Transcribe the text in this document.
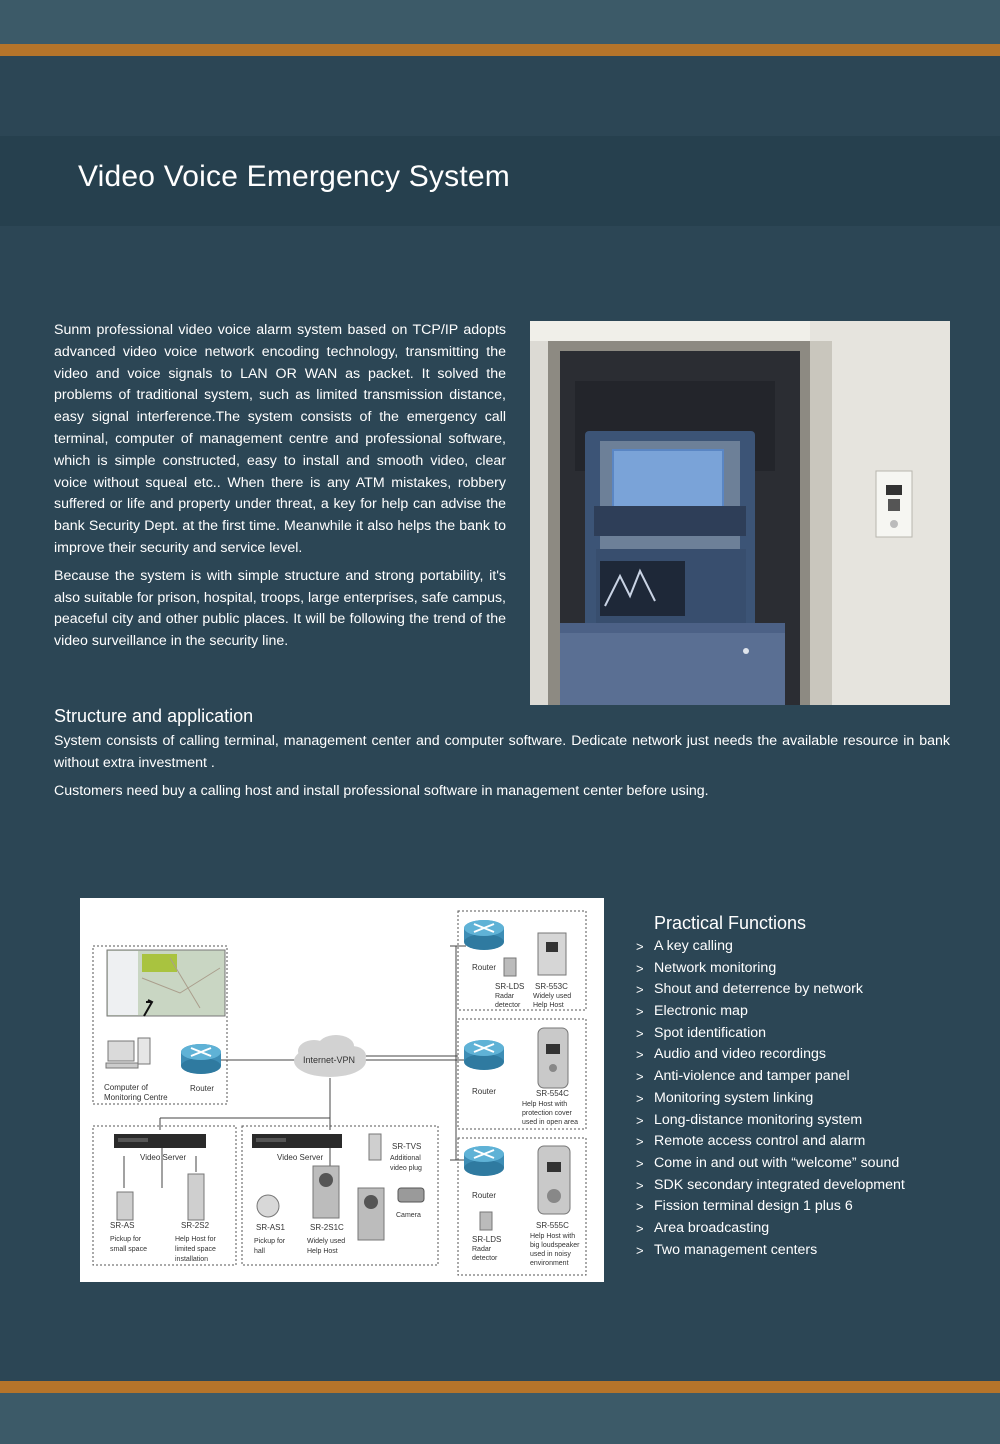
Video Voice Emergency System

Sunm professional video voice alarm system based on TCP/IP adopts advanced video voice network encoding technology, transmitting the video and voice signals to LAN OR WAN as packet. It solved the problems of traditional system, such as limited transmission distance, easy signal interference.The system consists of the emergency call terminal, computer of management centre and professional software, which is simple constructed, easy to install and smooth video, clear voice without squeal etc.. When there is any ATM mistakes, robbery suffered or life and property under threat, a key for help can advise the bank Security Dept. at the first time. Meanwhile it also helps the bank to improve their security and service level.

Because the system is with simple structure and strong portability, it's also suitable for prison, hospital, troops, large enterprises, safe campus, peaceful city and other public places. It will be following the trend of the video surveillance in the security line.

Structure and application

System consists of calling terminal, management center and computer software. Dedicate network just needs the available resource in bank without extra investment .

Customers need buy a calling host and install professional software in management center before using.

Computer of
Monitoring Centre
Router
Internet-VPN
Router
Router
Router
SR-LDS
Radar
detector
SR-553C
Widely used
Help Host
SR-554C
Help Host with
protection cover
used in open area
SR-LDS
Radar
detector
SR-555C
Help Host with
big loudspeaker
used in noisy
environment
Video Server
SR-AS
Pickup for
small space
SR-2S2
Help Host for
limited space
installation
Video Server
SR-AS1
Pickup for
hall
SR-2S1C
Widely used
Help Host
SR-TVS
Additional
video plug
Camera
Practical Functions
> A key calling
> Network monitoring
> Shout and deterrence by network
> Electronic map
> Spot identification
> Audio and video recordings
> Anti-violence and tamper panel
> Monitoring system linking
> Long-distance monitoring system
> Remote access control and alarm
> Come in and out with “welcome” sound
> SDK secondary integrated development
> Fission terminal design 1 plus 6
> Area broadcasting
> Two management centers
